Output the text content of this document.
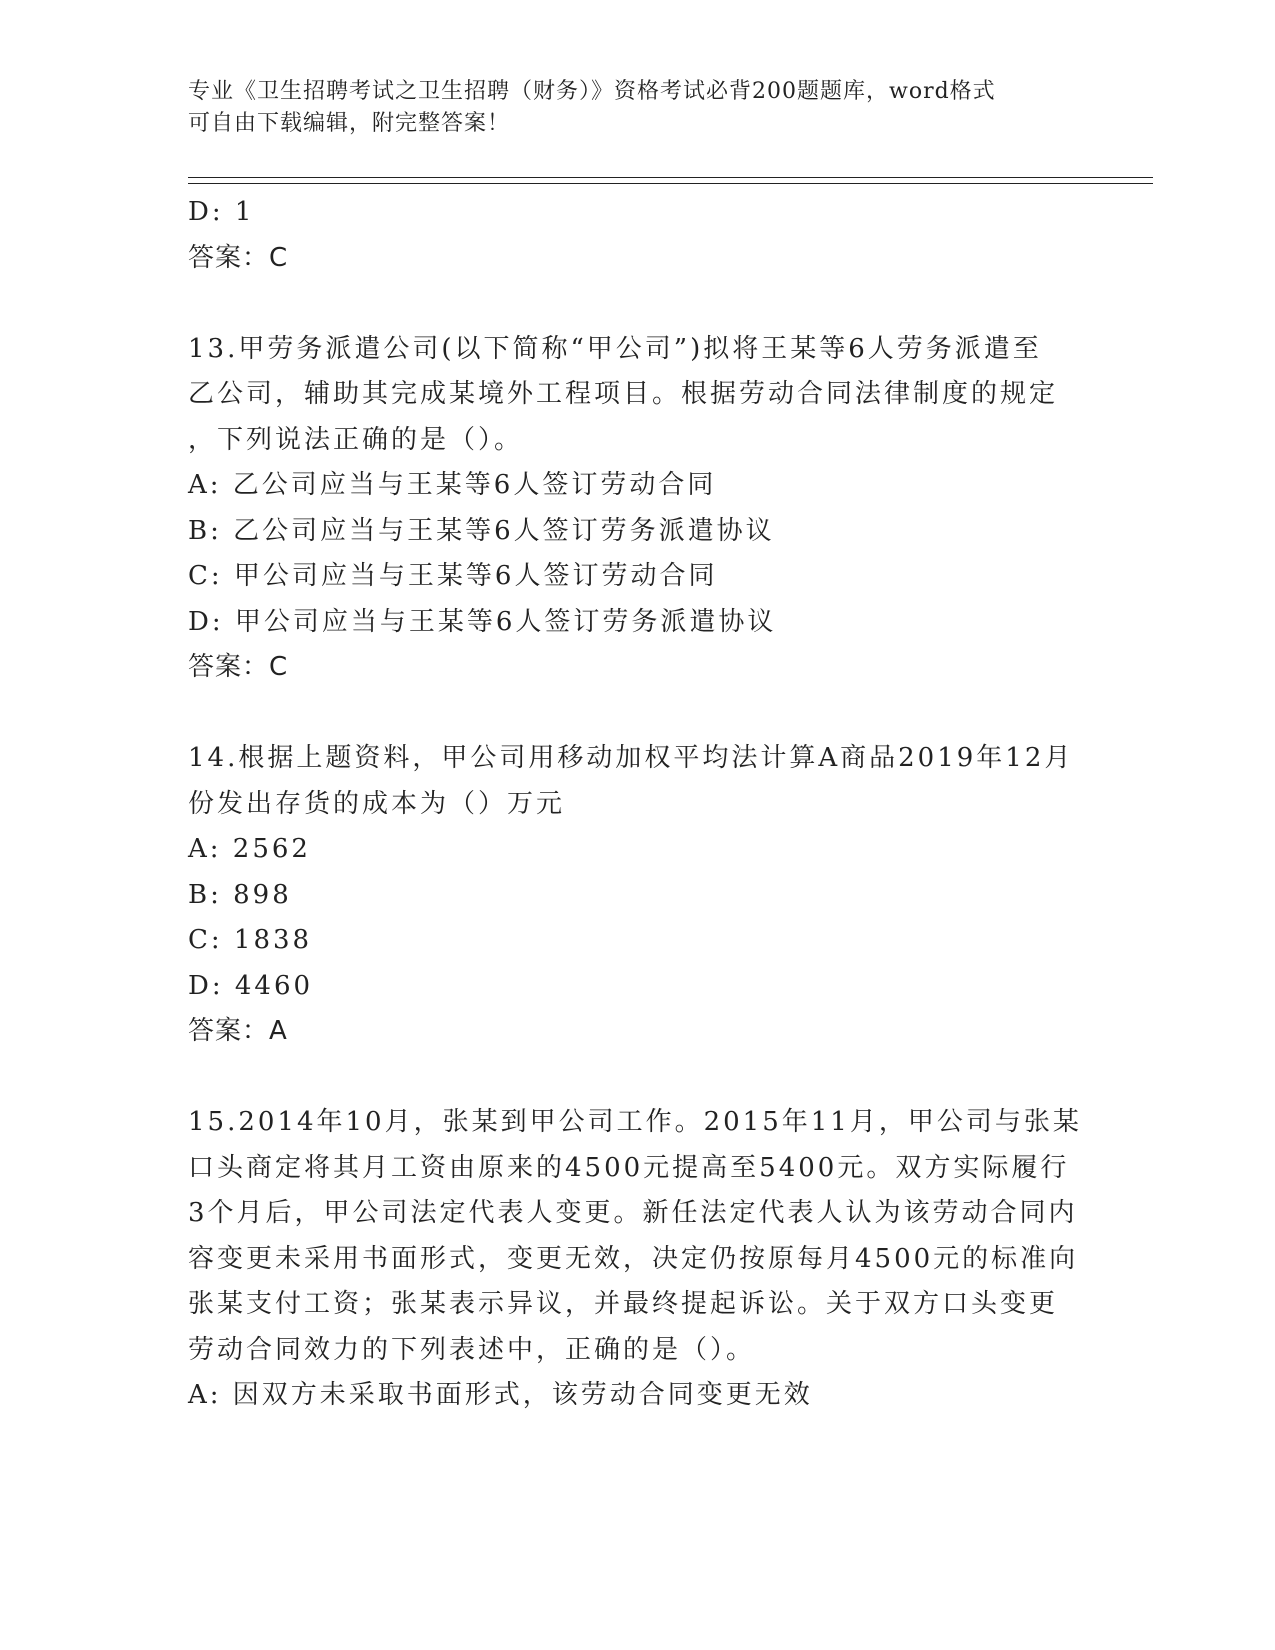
专业《卫生招聘考试之卫生招聘（财务）》资格考试必背200题题库，word格式
可自由下载编辑，附完整答案！
D: 1
答案：C
13.甲劳务派遣公司(以下简称“甲公司”)拟将王某等6人劳务派遣至
乙公司，辅助其完成某境外工程项目。根据劳动合同法律制度的规定
，下列说法正确的是（）。
A: 乙公司应当与王某等6人签订劳动合同
B: 乙公司应当与王某等6人签订劳务派遣协议
C: 甲公司应当与王某等6人签订劳动合同
D: 甲公司应当与王某等6人签订劳务派遣协议
答案：C
14.根据上题资料，甲公司用移动加权平均法计算A商品2019年12月
份发出存货的成本为（）万元
A: 2562
B: 898
C: 1838
D: 4460
答案：A
15.2014年10月，张某到甲公司工作。2015年11月，甲公司与张某
口头商定将其月工资由原来的4500元提高至5400元。双方实际履行
3个月后，甲公司法定代表人变更。新任法定代表人认为该劳动合同内
容变更未采用书面形式，变更无效，决定仍按原每月4500元的标准向
张某支付工资；张某表示异议，并最终提起诉讼。关于双方口头变更
劳动合同效力的下列表述中，正确的是（）。
A: 因双方未采取书面形式，该劳动合同变更无效
